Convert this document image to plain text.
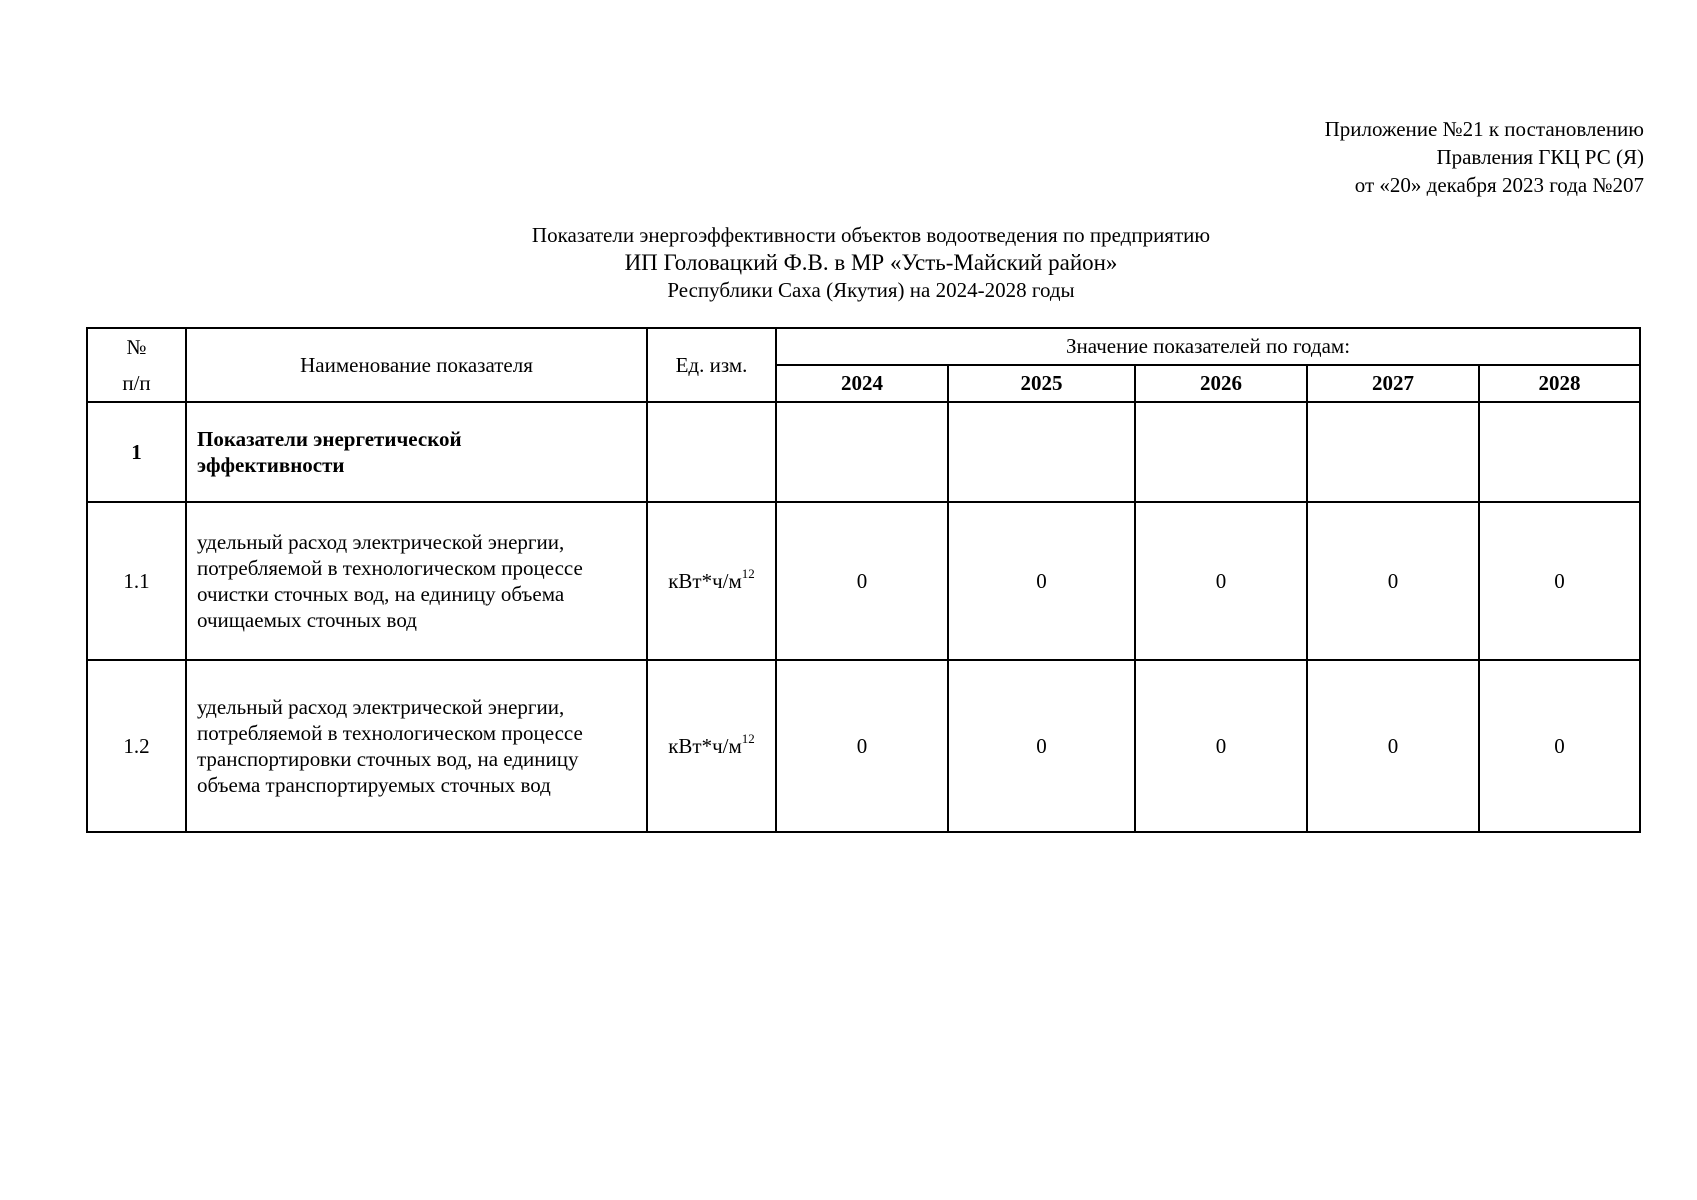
Приложение №21 к постановлению
Правления ГКЦ РС (Я)
от «20» декабря 2023 года №207
Показатели энергоэффективности объектов водоотведения по предприятию
ИП Головацкий Ф.В. в МР «Усть-Майский район»
Республики Саха (Якутия) на 2024-2028 годы
№
п/п	Наименование показателя	Ед. изм.	Значение показателей по годам:				
			2024	2025	2026	2027	2028
1	Показатели энергетической
эффективности						

1.1	удельный расход электрической энергии,
потребляемой в технологическом процессе
очистки сточных вод, на единицу объема
очищаемых сточных вод	$кВт*ч/м^{12}$	0	0	0	0	0
1.2	удельный расход электрической энергии,
потребляемой в технологическом процессе
транспортировки сточных вод, на единицу
объема транспортируемых сточных вод	$кВт*ч/м^{12}$	0	0	0	0	0
